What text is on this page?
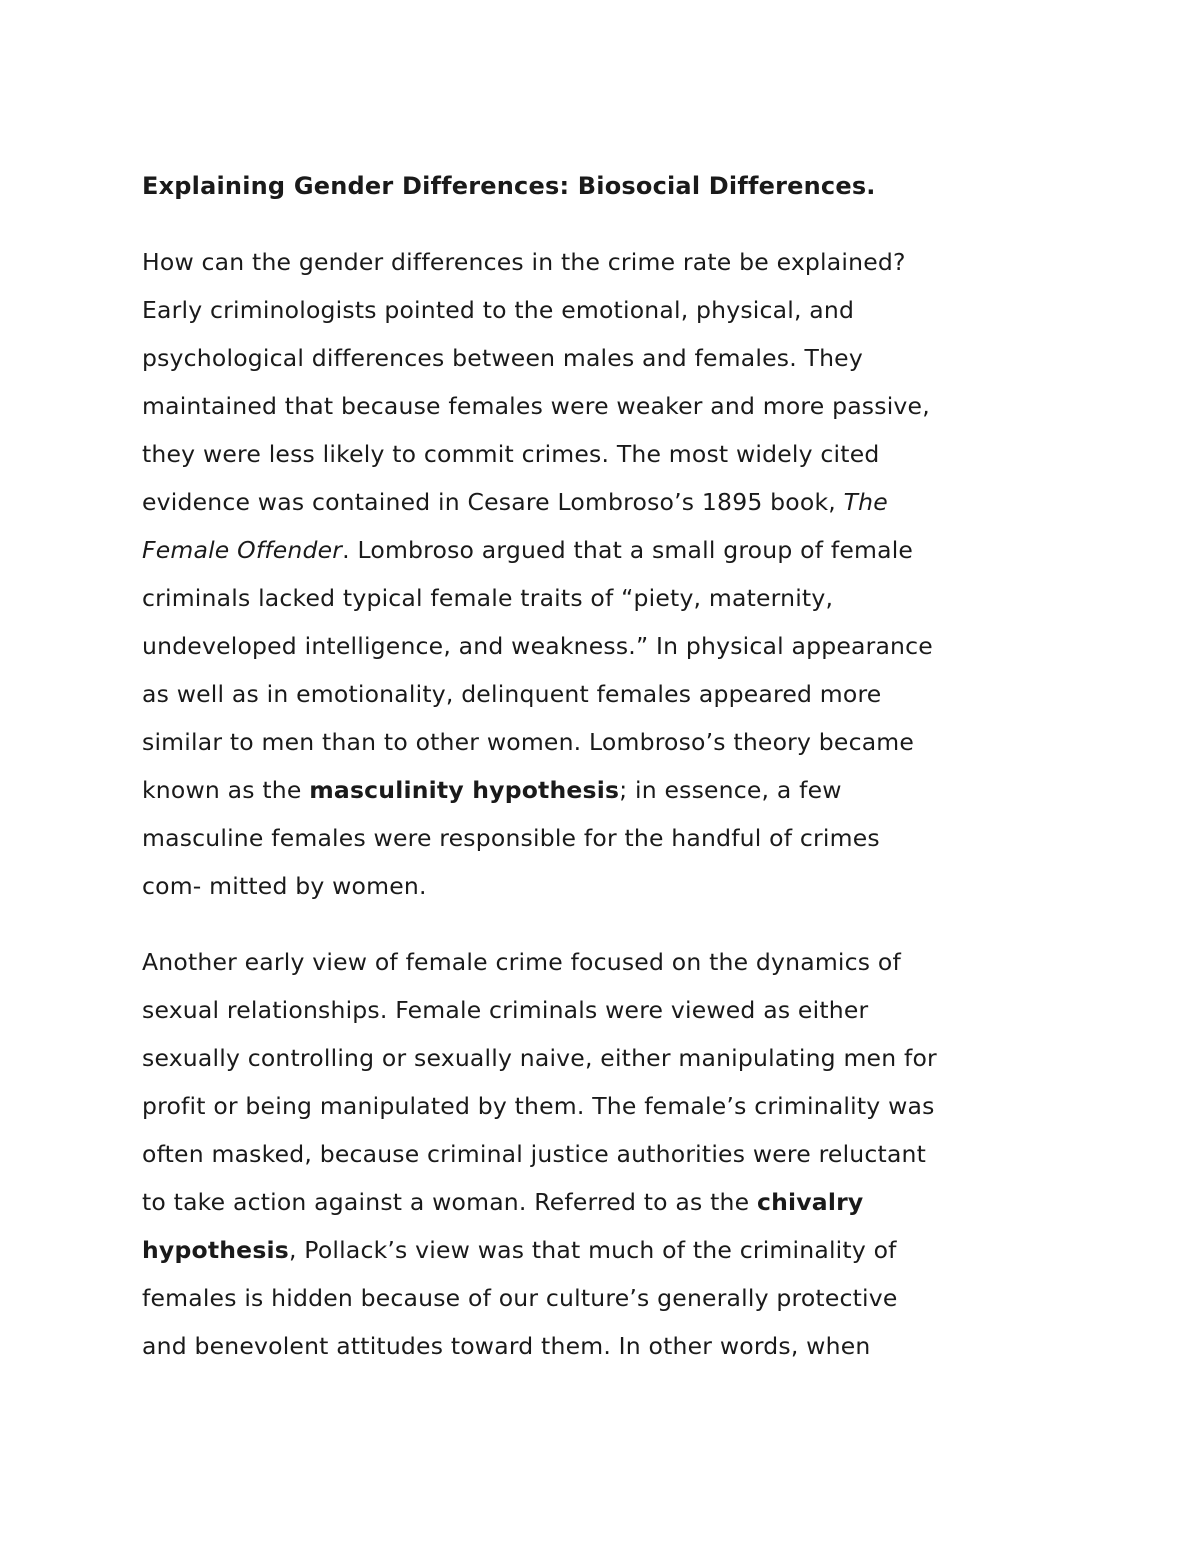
Explaining Gender Differences: Biosocial Differences.

How can the gender differences in the crime rate be explained?
Early criminologists pointed to the emotional, physical, and
psychological differences between males and females. They
maintained that because females were weaker and more passive,
they were less likely to commit crimes. The most widely cited
evidence was contained in Cesare Lombroso’s 1895 book, The
Female Offender. Lombroso argued that a small group of female
criminals lacked typical female traits of “piety, maternity,
undeveloped intelligence, and weakness.” In physical appearance
as well as in emotionality, delinquent females appeared more
similar to men than to other women. Lombroso’s theory became
known as the masculinity hypothesis; in essence, a few
masculine females were responsible for the handful of crimes
com- mitted by women.

Another early view of female crime focused on the dynamics of
sexual relationships. Female criminals were viewed as either
sexually controlling or sexually naive, either manipulating men for
profit or being manipulated by them. The female’s criminality was
often masked, because criminal justice authorities were reluctant
to take action against a woman. Referred to as the chivalry
hypothesis, Pollack’s view was that much of the criminality of
females is hidden because of our culture’s generally protective
and benevolent attitudes toward them. In other words, when
